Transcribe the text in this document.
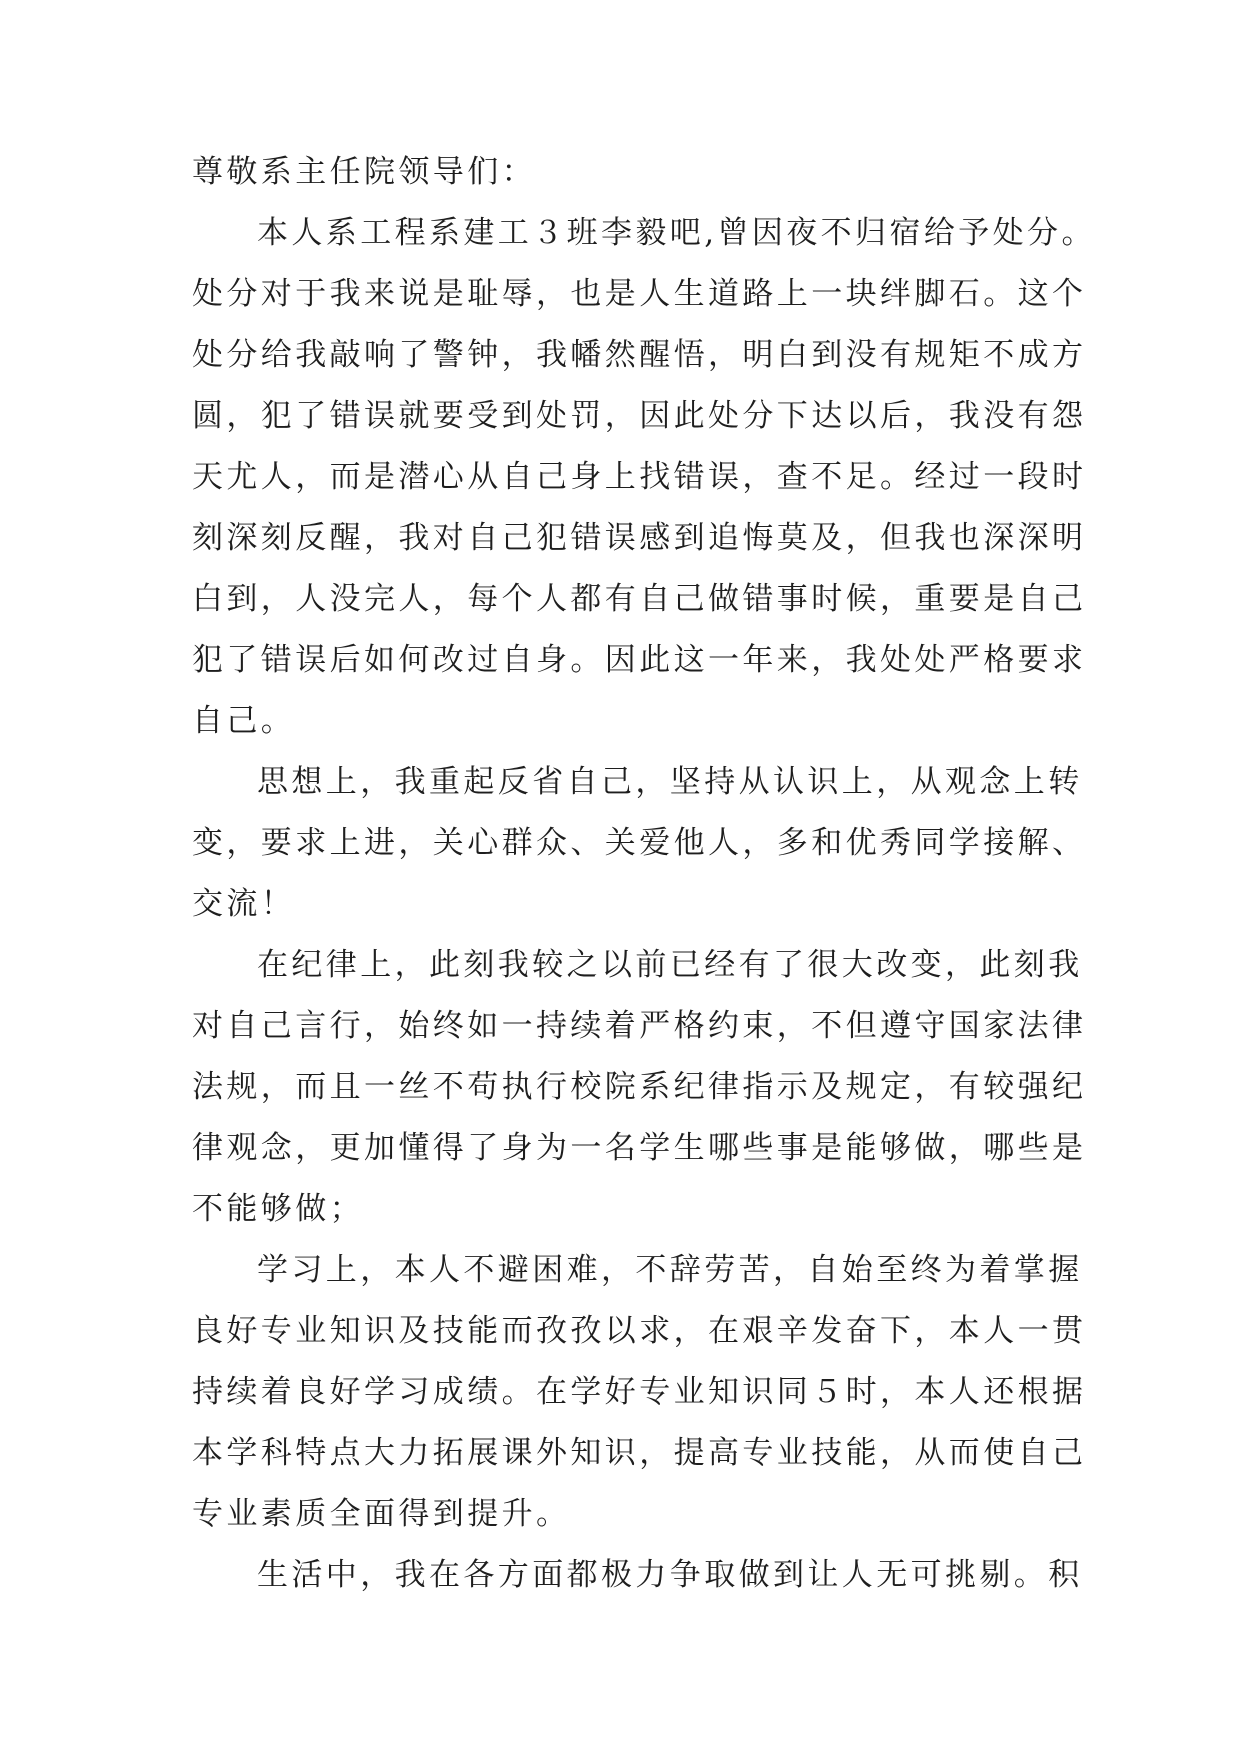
尊敬系主任院领导们：
本人系工程系建工３班李毅吧,曾因夜不归宿给予处分。
处分对于我来说是耻辱，也是人生道路上一块绊脚石。这个
处分给我敲响了警钟，我幡然醒悟，明白到没有规矩不成方
圆，犯了错误就要受到处罚，因此处分下达以后，我没有怨
天尤人，而是潜心从自己身上找错误，查不足。经过一段时
刻深刻反醒，我对自己犯错误感到追悔莫及，但我也深深明
白到，人没完人，每个人都有自己做错事时候，重要是自己
犯了错误后如何改过自身。因此这一年来，我处处严格要求
自己。
思想上，我重起反省自己，坚持从认识上，从观念上转
变，要求上进，关心群众、关爱他人，多和优秀同学接解、
交流！
在纪律上，此刻我较之以前已经有了很大改变，此刻我
对自己言行，始终如一持续着严格约束，不但遵守国家法律
法规，而且一丝不苟执行校院系纪律指示及规定，有较强纪
律观念，更加懂得了身为一名学生哪些事是能够做，哪些是
不能够做；
学习上，本人不避困难，不辞劳苦，自始至终为着掌握
良好专业知识及技能而孜孜以求，在艰辛发奋下，本人一贯
持续着良好学习成绩。在学好专业知识同５时，本人还根据
本学科特点大力拓展课外知识，提高专业技能，从而使自己
专业素质全面得到提升。
生活中，我在各方面都极力争取做到让人无可挑剔。积
